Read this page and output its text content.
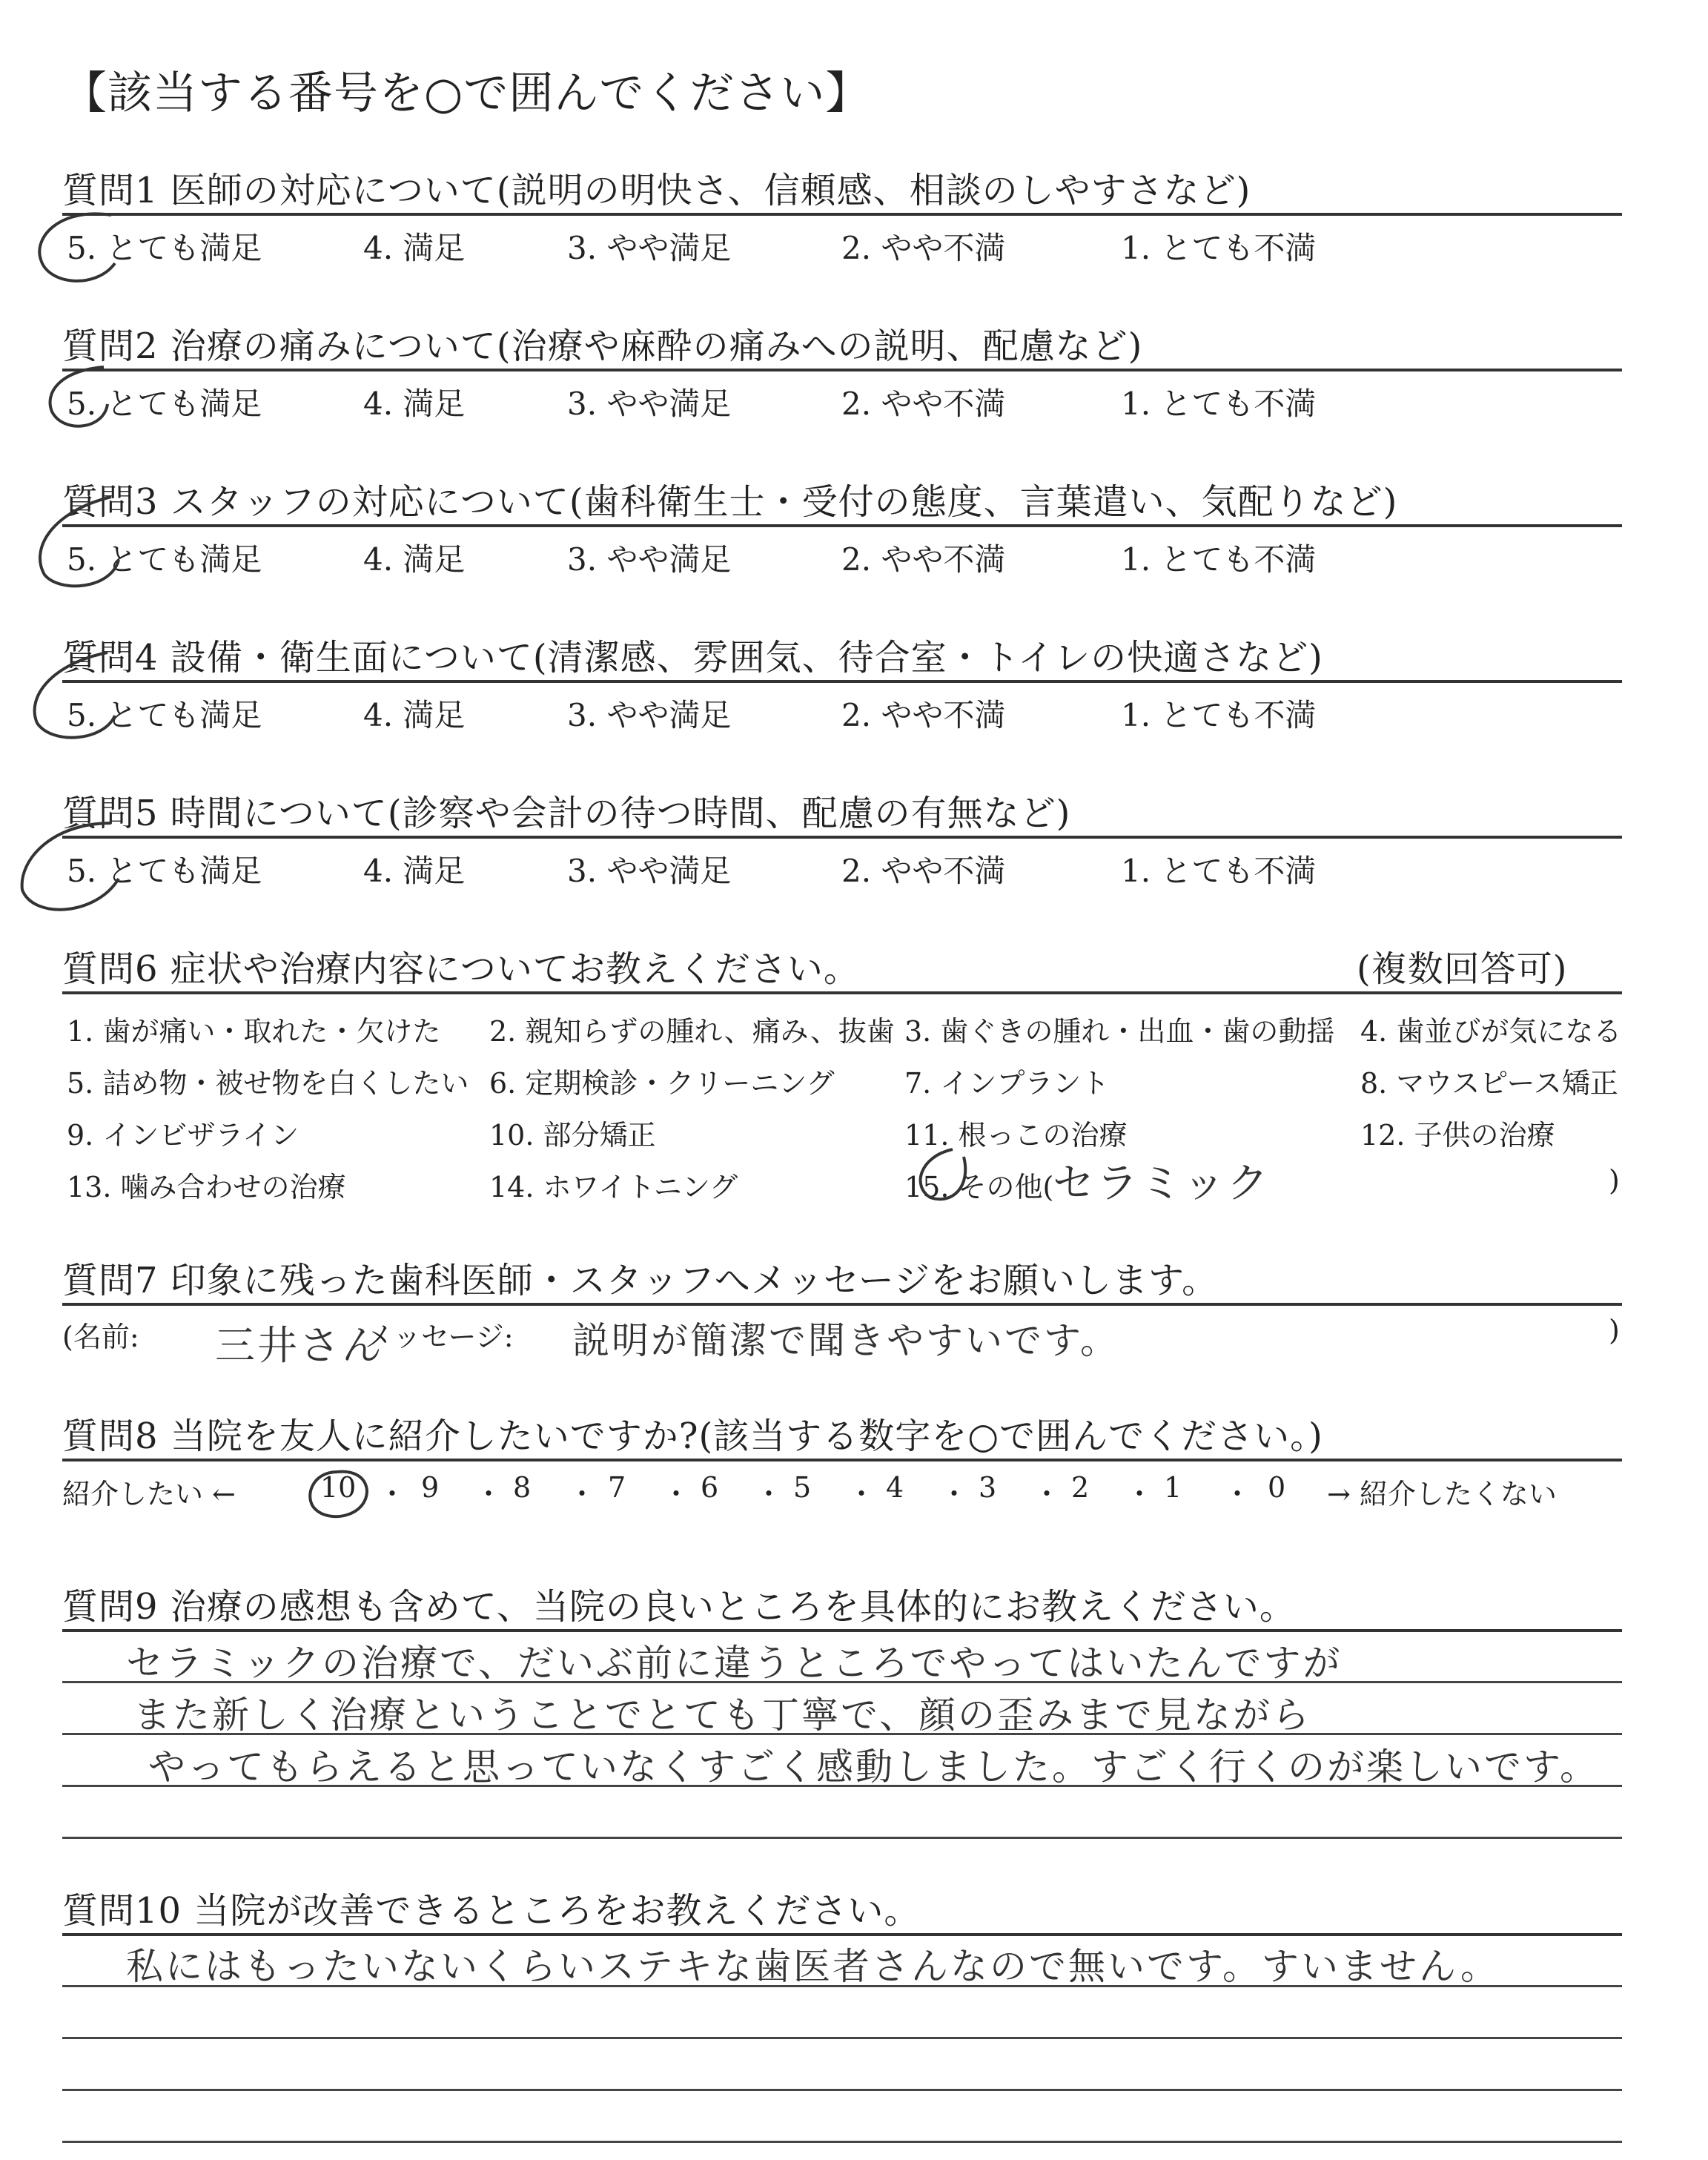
【該当する番号を○で囲んでください】
質問1 医師の対応について(説明の明快さ、信頼感、相談のしやすさなど)
5. とても満足	4. 満足	3. やや満足	2. やや不満	1. とても不満
質問2 治療の痛みについて(治療や麻酔の痛みへの説明、配慮など)
5. とても満足	4. 満足	3. やや満足	2. やや不満	1. とても不満
質問3 スタッフの対応について(歯科衛生士・受付の態度、言葉遣い、気配りなど)
5. とても満足	4. 満足	3. やや満足	2. やや不満	1. とても不満
質問4 設備・衛生面について(清潔感、雰囲気、待合室・トイレの快適さなど)
5. とても満足	4. 満足	3. やや満足	2. やや不満	1. とても不満
質問5 時間について(診察や会計の待つ時間、配慮の有無など)
5. とても満足	4. 満足	3. やや満足	2. やや不満	1. とても不満
質問6 症状や治療内容についてお教えください。	(複数回答可)
1. 歯が痛い・取れた・欠けた 2. 親知らずの腫れ、痛み、抜歯 3. 歯ぐきの腫れ・出血・歯の動揺 4. 歯並びが気になる
5. 詰め物・被せ物を白くしたい 6. 定期検診・クリーニング 7. インプラント	8. マウスピース矯正
9. インビザライン	10. 部分矯正	11. 根っこの治療	12. 子供の治療
13. 噛み合わせの治療	14. ホワイトニング	15. その他(
セラミック	)
質問7 印象に残った歯科医師・スタッフへメッセージをお願いします。
(名前: 三井さん
メッセージ: 説明が簡潔で聞きやすいです。	)
質問8 当院を友人に紹介したいですか?(該当する数字を○で囲んでください。)
紹介したい ←	→ 紹介したくない
10 ・ 9 ・ 8 ・ 7 ・ 6 ・ 5 ・ 4 ・ 3 ・ 2 ・ 1 ・ 0
質問9 治療の感想も含めて、当院の良いところを具体的にお教えください。
セラミックの治療で、だいぶ前に違うところでやってはいたんですが
また新しく治療ということでとても丁寧で、顔の歪みまで見ながら
やってもらえると思っていなくすごく感動しました。すごく行くのが楽しいです。
質問10 当院が改善できるところをお教えください。
私にはもったいないくらいステキな歯医者さんなので無いです。すいません。
